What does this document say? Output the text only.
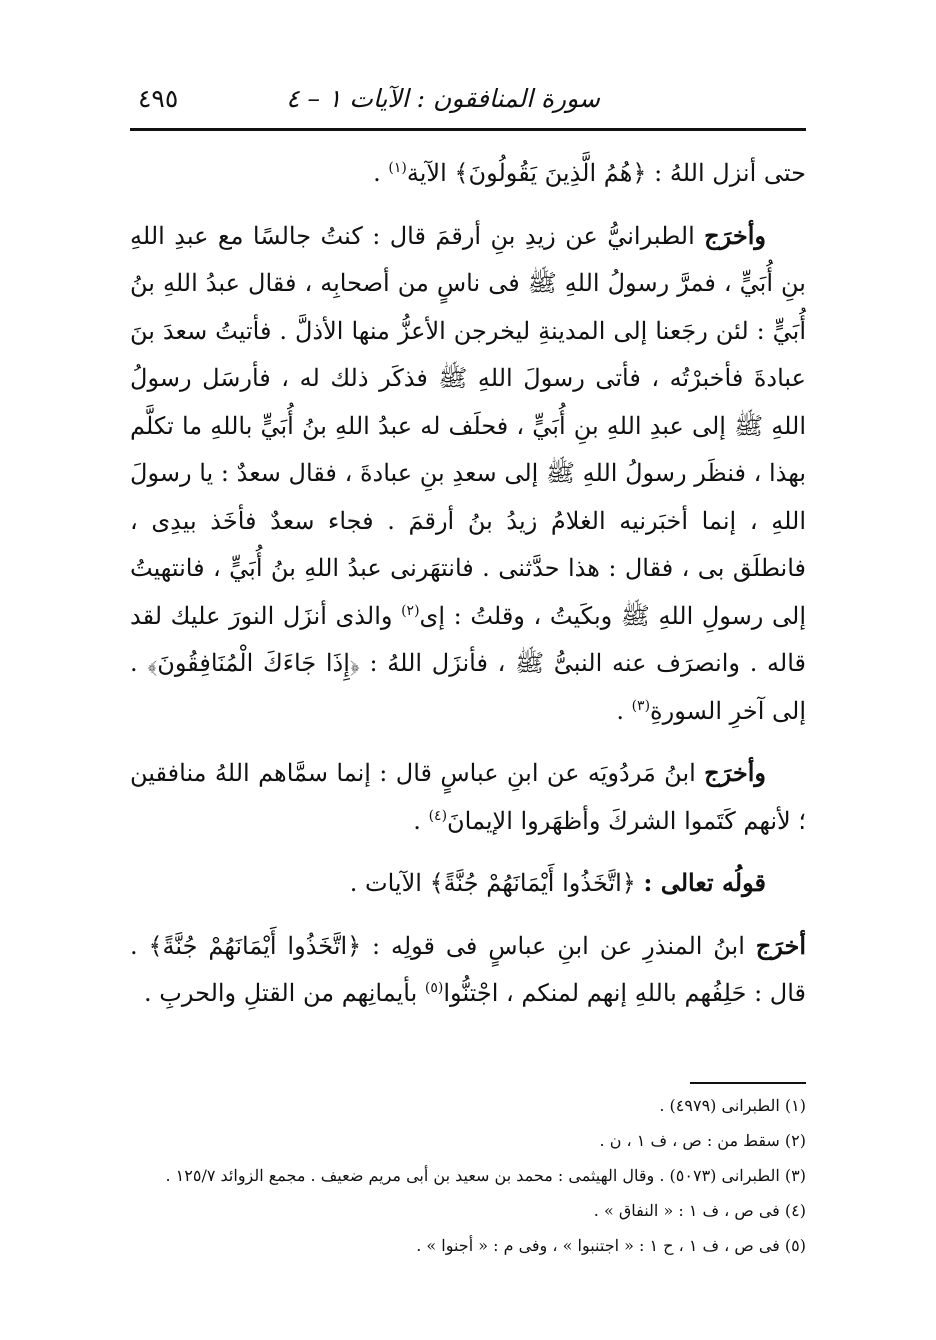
سورة المنافقون : الآيات ١ – ٤
٤٩٥

حتى أنزل اللهُ : ﴿هُمُ الَّذِينَ يَقُولُونَ﴾ الآية$^{(١)}$ .

وأخرَج الطبرانيُّ عن زيدِ بنِ أرقمَ قال : كنتُ جالسًا مع عبدِ اللهِ بنِ أُبَيٍّ ، فمرَّ رسولُ اللهِ ﷺ فى ناسٍ من أصحابِه ، فقال عبدُ اللهِ بنُ أُبَيٍّ : لئن رجَعنا إلى المدينةِ ليخرجن الأعزُّ منها الأذلَّ . فأتيتُ سعدَ بنَ عبادةَ فأخبرْتُه ، فأتى رسولَ اللهِ ﷺ فذكَر ذلك له ، فأرسَل رسولُ اللهِ ﷺ إلى عبدِ اللهِ بنِ أُبَيٍّ ، فحلَف له عبدُ اللهِ بنُ أُبَيٍّ باللهِ ما تكلَّم بهذا ، فنظَر رسولُ اللهِ ﷺ إلى سعدِ بنِ عبادةَ ، فقال سعدٌ : يا رسولَ اللهِ ، إنما أخبَرنيه الغلامُ زيدُ بنُ أرقمَ . فجاء سعدٌ فأخَذ بيدِى ، فانطلَق بى ، فقال : هذا حدَّثنى . فانتهَرنى عبدُ اللهِ بنُ أُبَيٍّ ، فانتهيتُ إلى رسولِ اللهِ ﷺ وبكَيتُ ، وقلتُ : إى$^{(٢)}$ والذى أنزَل النورَ عليك لقد قاله . وانصرَف عنه النبىُّ ﷺ ، فأنزَل اللهُ : ﴿إِذَا جَاءَكَ الْمُنَافِقُونَ﴾ . إلى آخرِ السورةِ$^{(٣)}$ .

وأخرَج ابنُ مَردُويَه عن ابنِ عباسٍ قال : إنما سمَّاهم اللهُ منافقين ؛ لأنهم كَتَموا الشركَ وأظهَروا الإيمانَ$^{(٤)}$ .

قولُه تعالى : ﴿اتَّخَذُوا أَيْمَانَهُمْ جُنَّةً﴾ الآيات .

أخرَج ابنُ المنذرِ عن ابنِ عباسٍ فى قولِه : ﴿اتَّخَذُوا أَيْمَانَهُمْ جُنَّةً﴾ . قال : حَلِفُهم باللهِ إنهم لمنكم ، اجْتنُّوا$^{(٥)}$ بأيمانِهم من القتلِ والحربِ .

(١) الطبرانى (٤٩٧٩) .
(٢) سقط من : ص ، ف ١ ، ن .
(٣) الطبرانى (٥٠٧٣) . وقال الهيثمى : محمد بن سعيد بن أبى مريم ضعيف . مجمع الزوائد ١٢٥/٧ .
(٤) فى ص ، ف ١ : « النفاق » .
(٥) فى ص ، ف ١ ، ح ١ : « اجتنبوا » ، وفى م : « أجنوا » .
